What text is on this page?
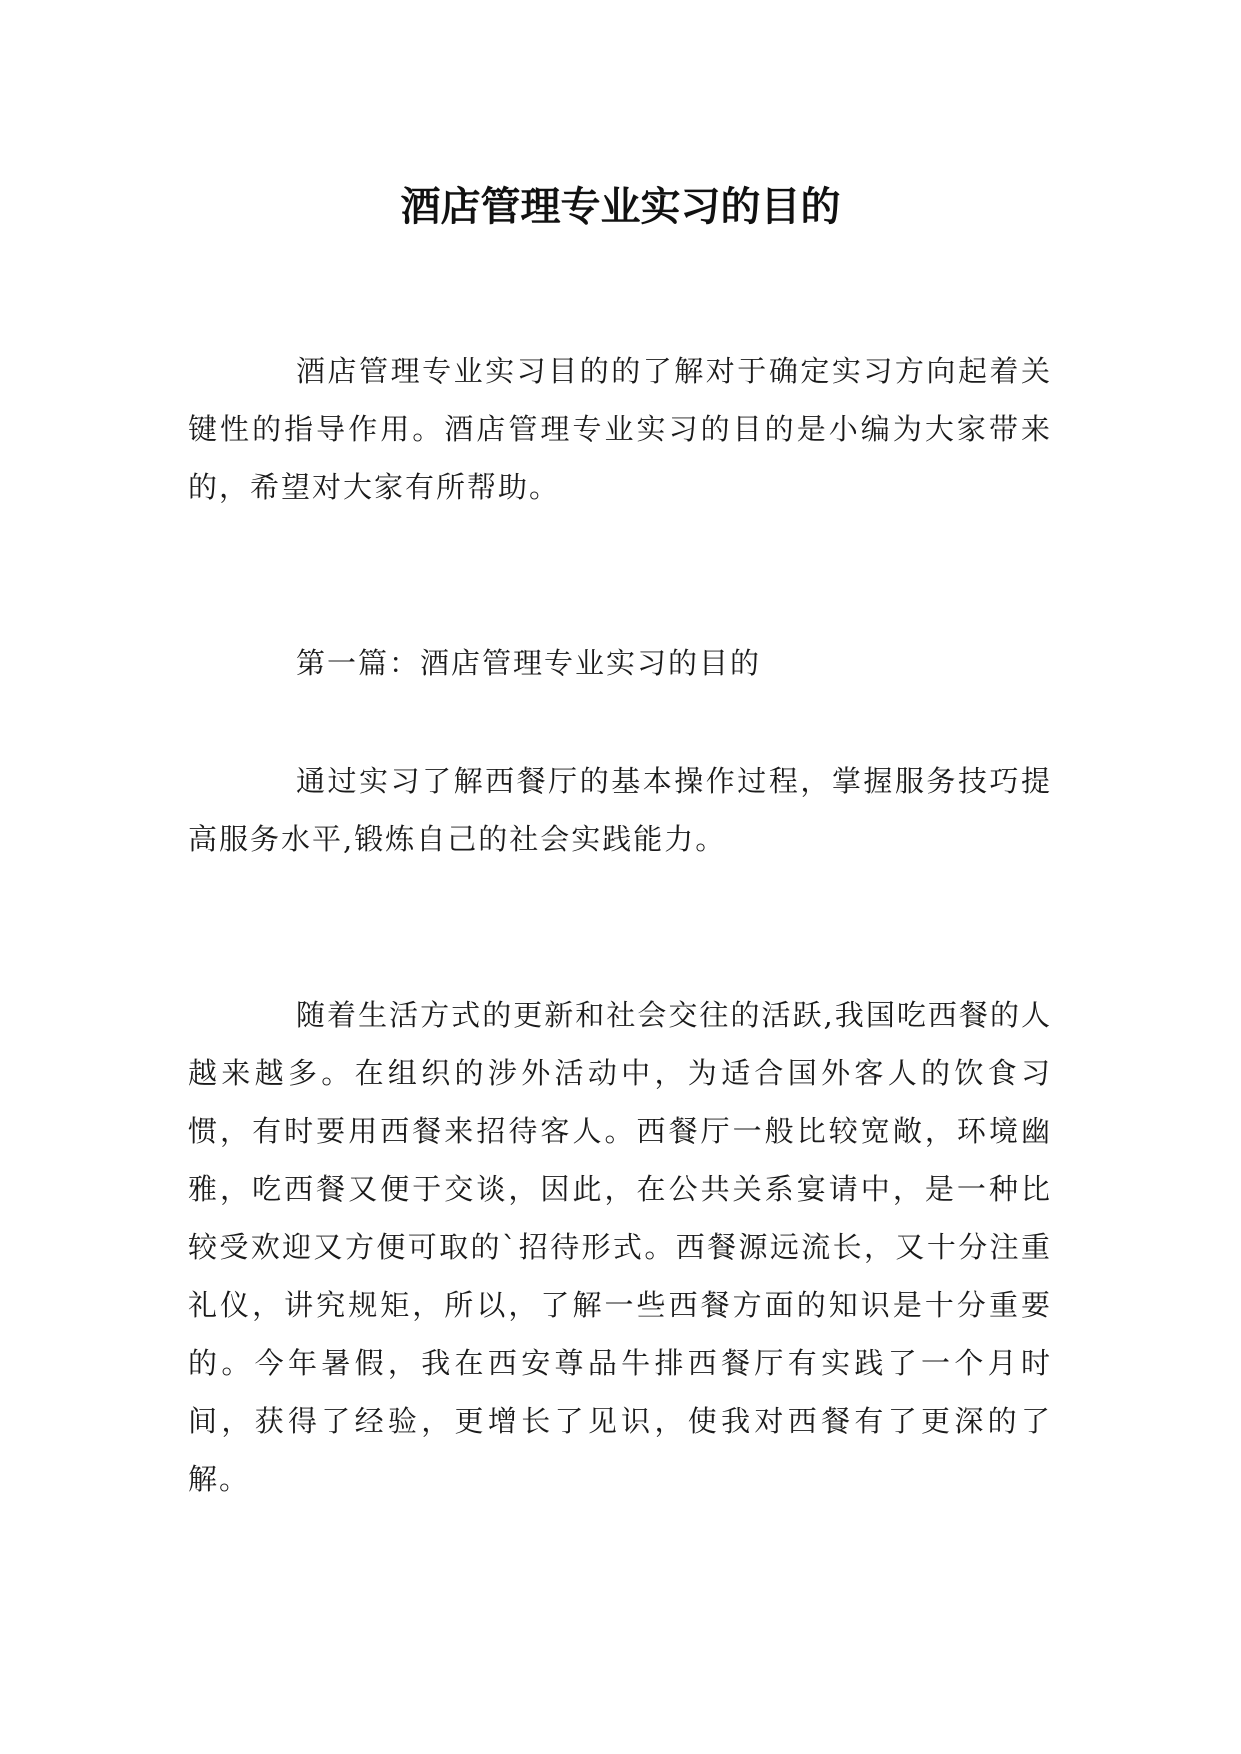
酒店管理专业实习的目的

酒店管理专业实习目的的了解对于确定实习方向起着关键性的指导作用。酒店管理专业实习的目的是小编为大家带来的，希望对大家有所帮助。

第一篇：酒店管理专业实习的目的

通过实习了解西餐厅的基本操作过程，掌握服务技巧提高服务水平,锻炼自己的社会实践能力。

随着生活方式的更新和社会交往的活跃,我国吃西餐的人越来越多。在组织的涉外活动中，为适合国外客人的饮食习惯，有时要用西餐来招待客人。西餐厅一般比较宽敞，环境幽雅，吃西餐又便于交谈，因此，在公共关系宴请中，是一种比较受欢迎又方便可取的`招待形式。西餐源远流长，又十分注重礼仪，讲究规矩，所以，了解一些西餐方面的知识是十分重要的。今年暑假，我在西安尊品牛排西餐厅有实践了一个月时间，获得了经验，更增长了见识，使我对西餐有了更深的了解。
